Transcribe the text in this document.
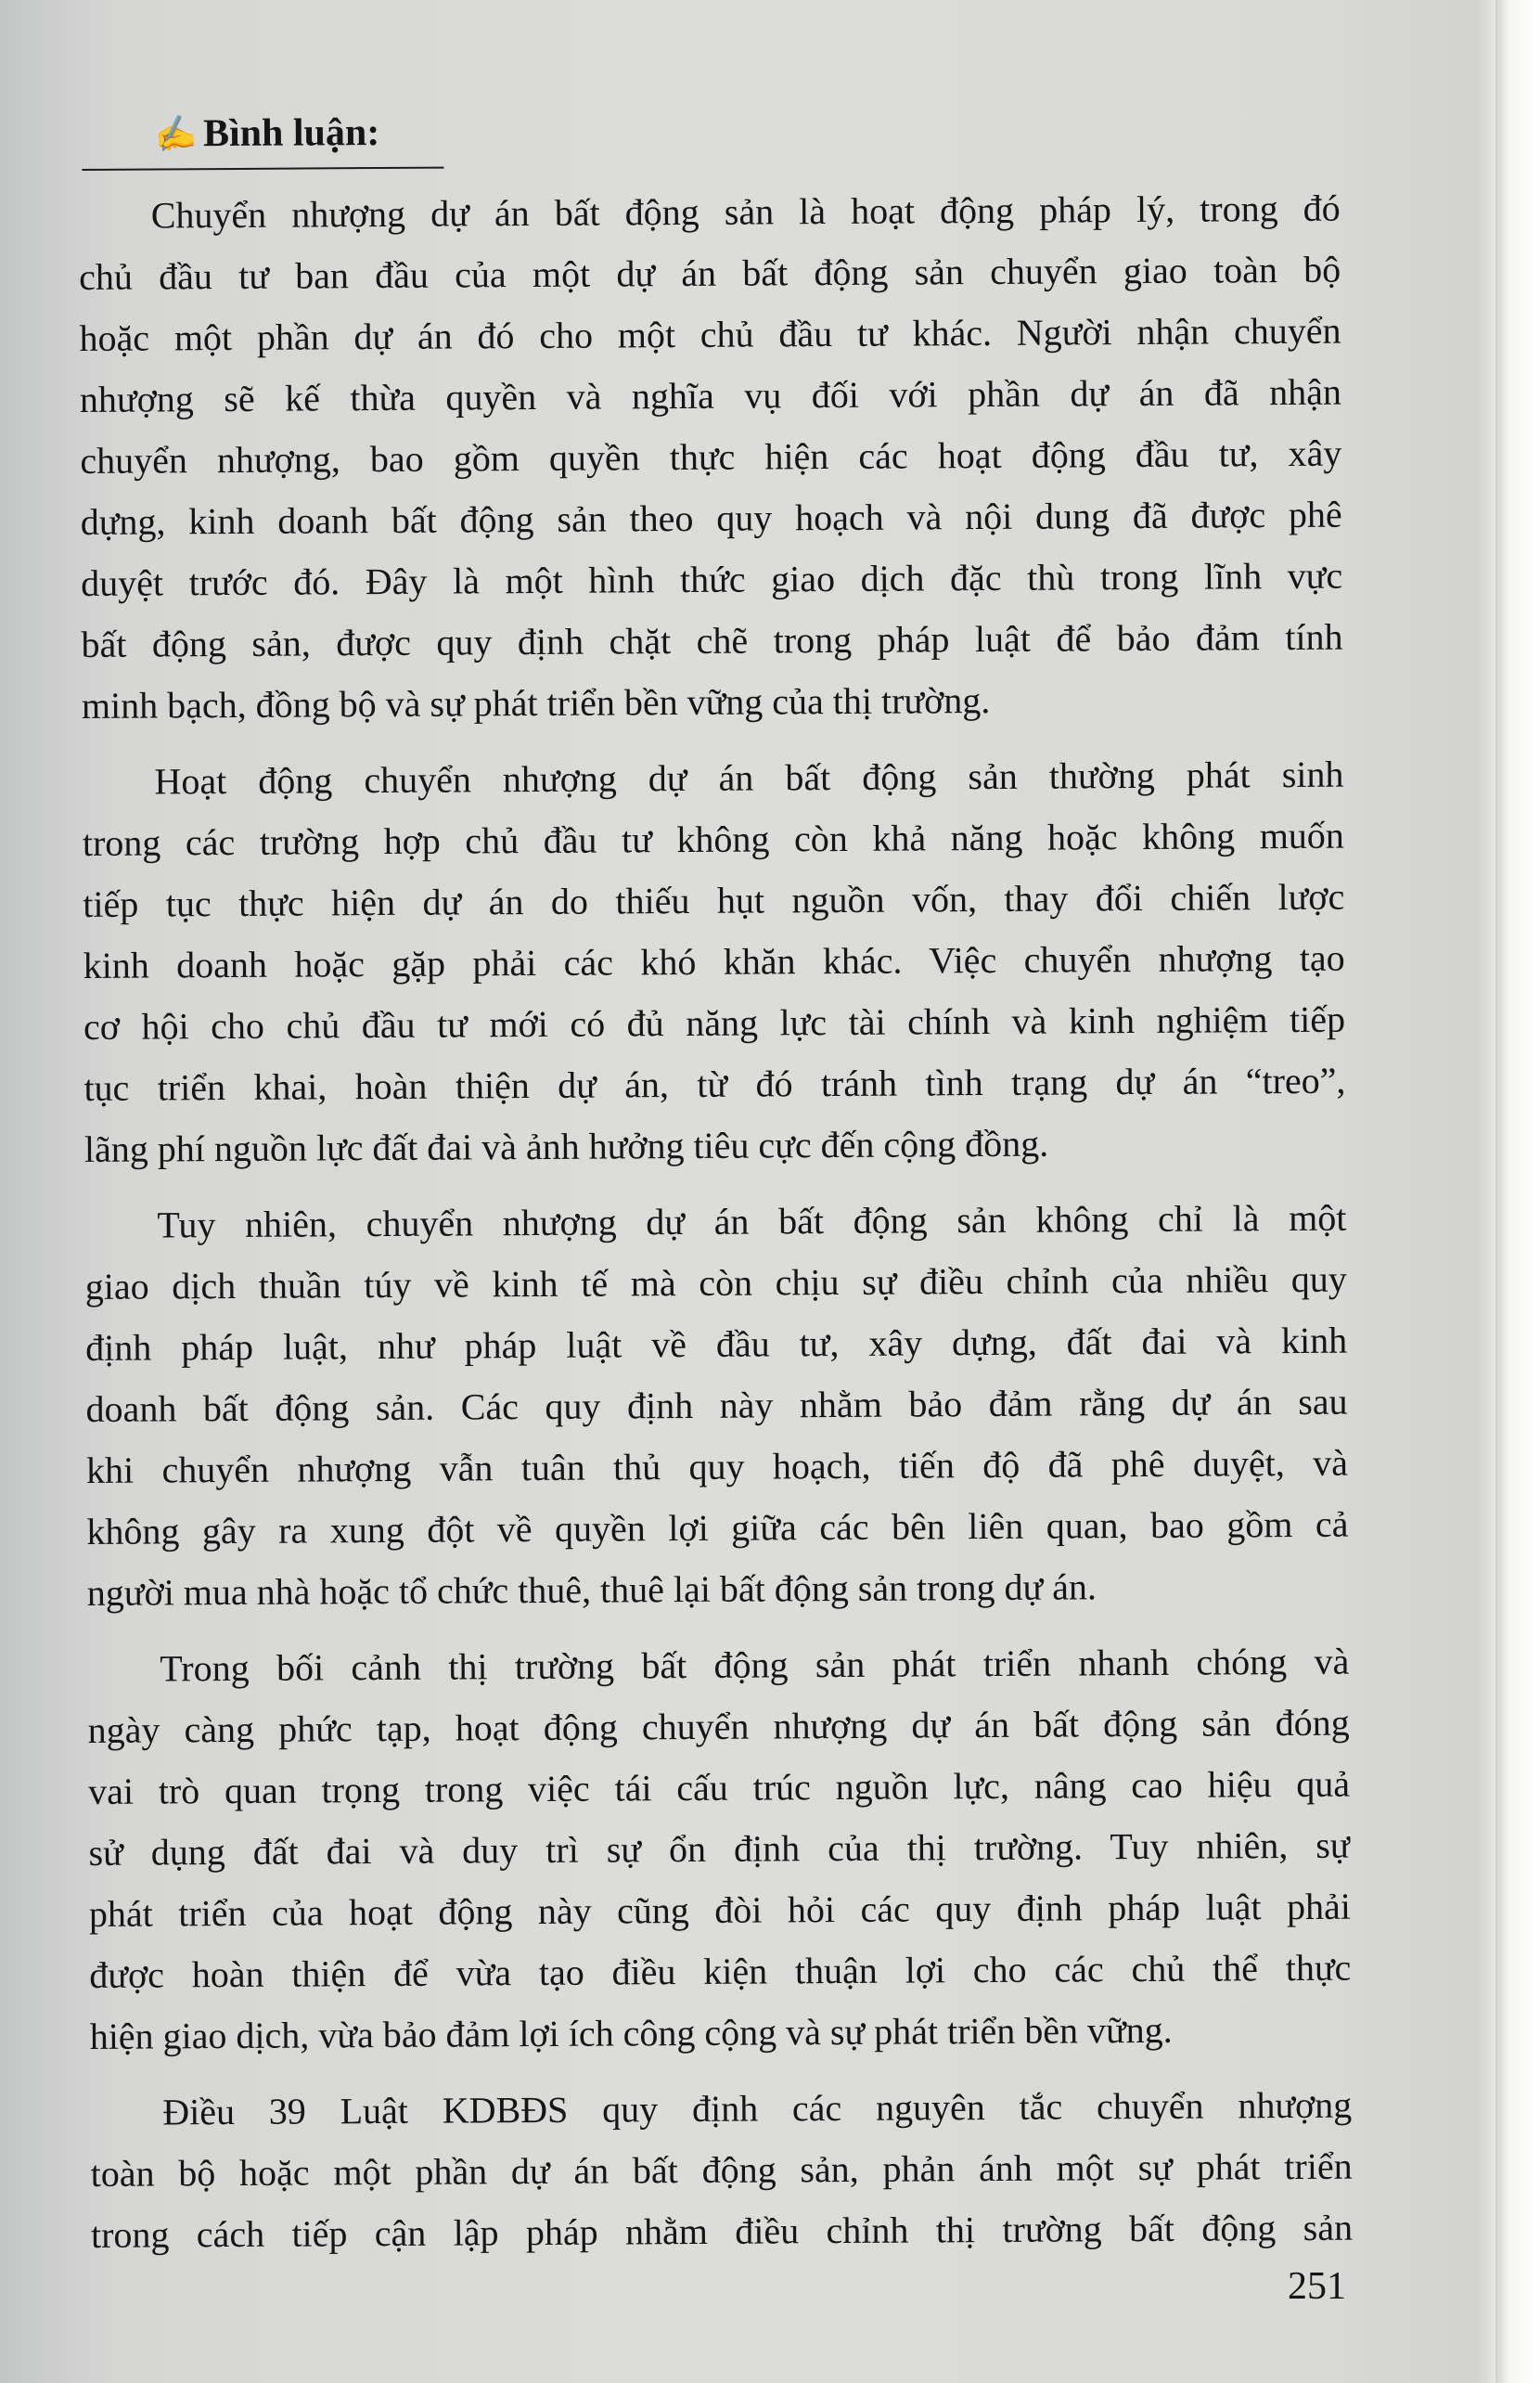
✍ Bình luận:
Chuyển nhượng dự án bất động sản là hoạt động pháp lý, trong đó
chủ đầu tư ban đầu của một dự án bất động sản chuyển giao toàn bộ
hoặc một phần dự án đó cho một chủ đầu tư khác. Người nhận chuyển
nhượng sẽ kế thừa quyền và nghĩa vụ đối với phần dự án đã nhận
chuyển nhượng, bao gồm quyền thực hiện các hoạt động đầu tư, xây
dựng, kinh doanh bất động sản theo quy hoạch và nội dung đã được phê
duyệt trước đó. Đây là một hình thức giao dịch đặc thù trong lĩnh vực
bất động sản, được quy định chặt chẽ trong pháp luật để bảo đảm tính
minh bạch, đồng bộ và sự phát triển bền vững của thị trường.
Hoạt động chuyển nhượng dự án bất động sản thường phát sinh
trong các trường hợp chủ đầu tư không còn khả năng hoặc không muốn
tiếp tục thực hiện dự án do thiếu hụt nguồn vốn, thay đổi chiến lược
kinh doanh hoặc gặp phải các khó khăn khác. Việc chuyển nhượng tạo
cơ hội cho chủ đầu tư mới có đủ năng lực tài chính và kinh nghiệm tiếp
tục triển khai, hoàn thiện dự án, từ đó tránh tình trạng dự án “treo”,
lãng phí nguồn lực đất đai và ảnh hưởng tiêu cực đến cộng đồng.
Tuy nhiên, chuyển nhượng dự án bất động sản không chỉ là một
giao dịch thuần túy về kinh tế mà còn chịu sự điều chỉnh của nhiều quy
định pháp luật, như pháp luật về đầu tư, xây dựng, đất đai và kinh
doanh bất động sản. Các quy định này nhằm bảo đảm rằng dự án sau
khi chuyển nhượng vẫn tuân thủ quy hoạch, tiến độ đã phê duyệt, và
không gây ra xung đột về quyền lợi giữa các bên liên quan, bao gồm cả
người mua nhà hoặc tổ chức thuê, thuê lại bất động sản trong dự án.
Trong bối cảnh thị trường bất động sản phát triển nhanh chóng và
ngày càng phức tạp, hoạt động chuyển nhượng dự án bất động sản đóng
vai trò quan trọng trong việc tái cấu trúc nguồn lực, nâng cao hiệu quả
sử dụng đất đai và duy trì sự ổn định của thị trường. Tuy nhiên, sự
phát triển của hoạt động này cũng đòi hỏi các quy định pháp luật phải
được hoàn thiện để vừa tạo điều kiện thuận lợi cho các chủ thể thực
hiện giao dịch, vừa bảo đảm lợi ích công cộng và sự phát triển bền vững.
Điều 39 Luật KDBĐS quy định các nguyên tắc chuyển nhượng
toàn bộ hoặc một phần dự án bất động sản, phản ánh một sự phát triển
trong cách tiếp cận lập pháp nhằm điều chỉnh thị trường bất động sản
251
